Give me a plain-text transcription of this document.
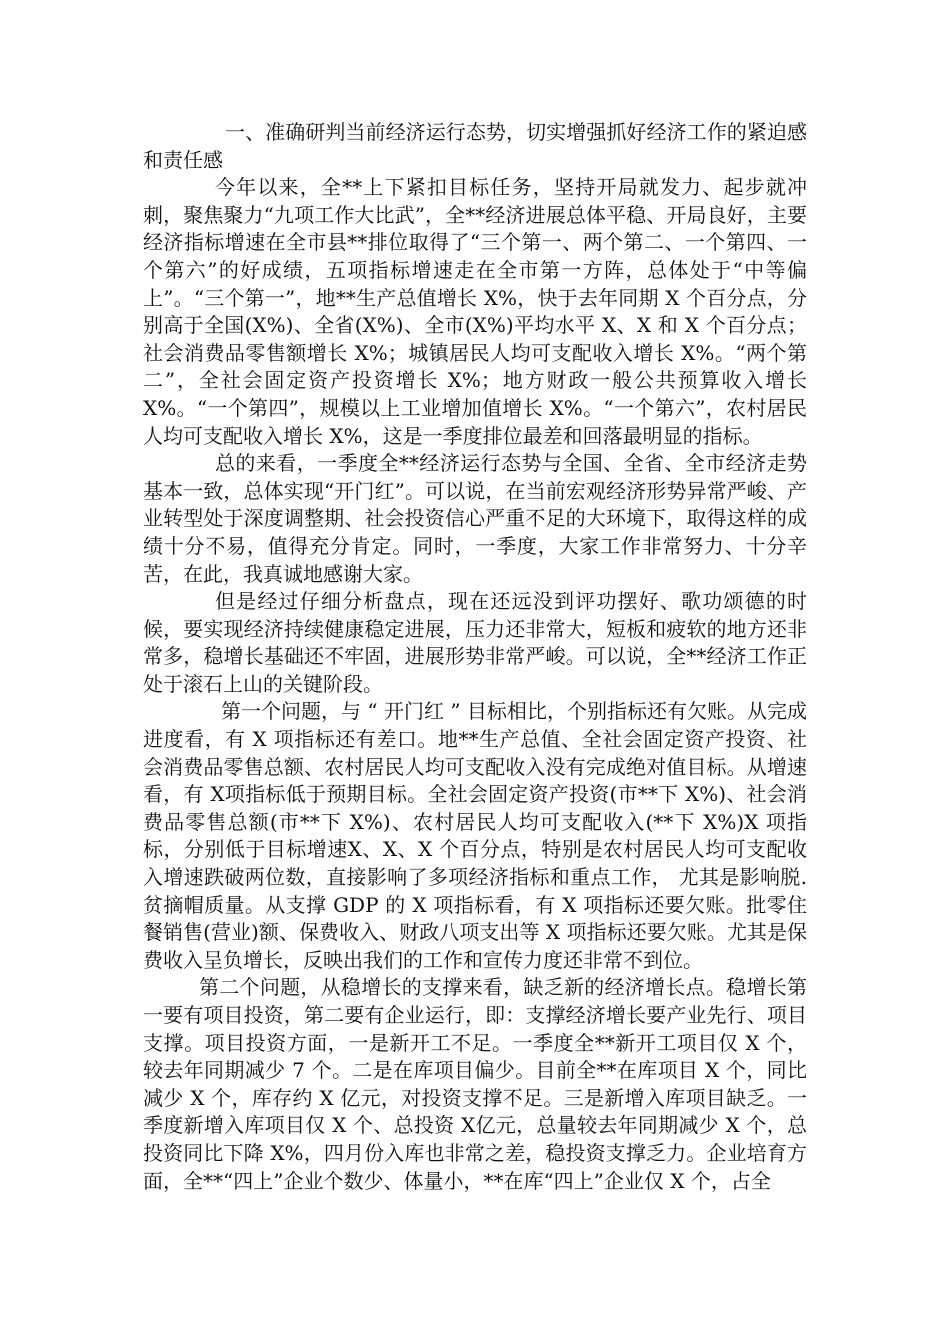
一、准确研判当前经济运行态势，切实增强抓好经济工作的紧迫感和责任感

今年以来，全**上下紧扣目标任务，坚持开局就发力、起步就冲刺，聚焦聚力“九项工作大比武”，全**经济进展总体平稳、开局良好，主要经济指标增速在全市县**排位取得了“三个第一、两个第二、一个第四、一个第六”的好成绩，五项指标增速走在全市第一方阵，总体处于“中等偏上”。“三个第一”，地**生产总值增长 X%，快于去年同期 X 个百分点，分别高于全国(X%)、全省(X%)、全市(X%)平均水平 X、X 和 X 个百分点；社会消费品零售额增长 X%；城镇居民人均可支配收入增长 X%。“两个第二”，全社会固定资产投资增长 X%；地方财政一般公共预算收入增长 X%。“一个第四”，规模以上工业增加值增长 X%。“一个第六”，农村居民人均可支配收入增长 X%，这是一季度排位最差和回落最明显的指标。

总的来看，一季度全**经济运行态势与全国、全省、全市经济走势基本一致，总体实现“开门红”。可以说，在当前宏观经济形势异常严峻、产业转型处于深度调整期、社会投资信心严重不足的大环境下，取得这样的成绩十分不易，值得充分肯定。同时，一季度，大家工作非常努力、十分辛苦，在此，我真诚地感谢大家。

但是经过仔细分析盘点，现在还远没到评功摆好、歌功颂德的时候，要实现经济持续健康稳定进展，压力还非常大，短板和疲软的地方还非常多，稳增长基础还不牢固，进展形势非常严峻。可以说，全**经济工作正处于滚石上山的关键阶段。

第一个问题，与 “ 开门红 ” 目标相比，个别指标还有欠账。从完成进度看，有 X 项指标还有差口。地**生产总值、全社会固定资产投资、社会消费品零售总额、农村居民人均可支配收入没有完成绝对值目标。从增速看，有 X项指标低于预期目标。全社会固定资产投资(市**下 X%)、社会消费品零售总额(市**下 X%)、农村居民人均可支配收入(**下 X%)X 项指标，分别低于目标增速X、X、X 个百分点，特别是农村居民人均可支配收入增速跌破两位数，直接影响了多项经济指标和重点工作， 尤其是影响脱.贫摘帽质量。从支撑 GDP 的 X 项指标看，有 X 项指标还要欠账。批零住餐销售(营业)额、保费收入、财政八项支出等 X 项指标还要欠账。尤其是保费收入呈负增长，反映出我们的工作和宣传力度还非常不到位。

第二个问题，从稳增长的支撑来看，缺乏新的经济增长点。稳增长第一要有项目投资，第二要有企业运行，即：支撑经济增长要产业先行、项目支撑。项目投资方面，一是新开工不足。一季度全**新开工项目仅 X 个，较去年同期减少 7 个。二是在库项目偏少。目前全**在库项目 X 个，同比减少 X 个，库存约 X 亿元，对投资支撑不足。三是新增入库项目缺乏。一季度新增入库项目仅 X 个、总投资 X亿元，总量较去年同期减少 X 个，总投资同比下降 X%，四月份入库也非常之差，稳投资支撑乏力。企业培育方面，全**“四上”企业个数少、体量小，**在库“四上”企业仅 X 个，占全
